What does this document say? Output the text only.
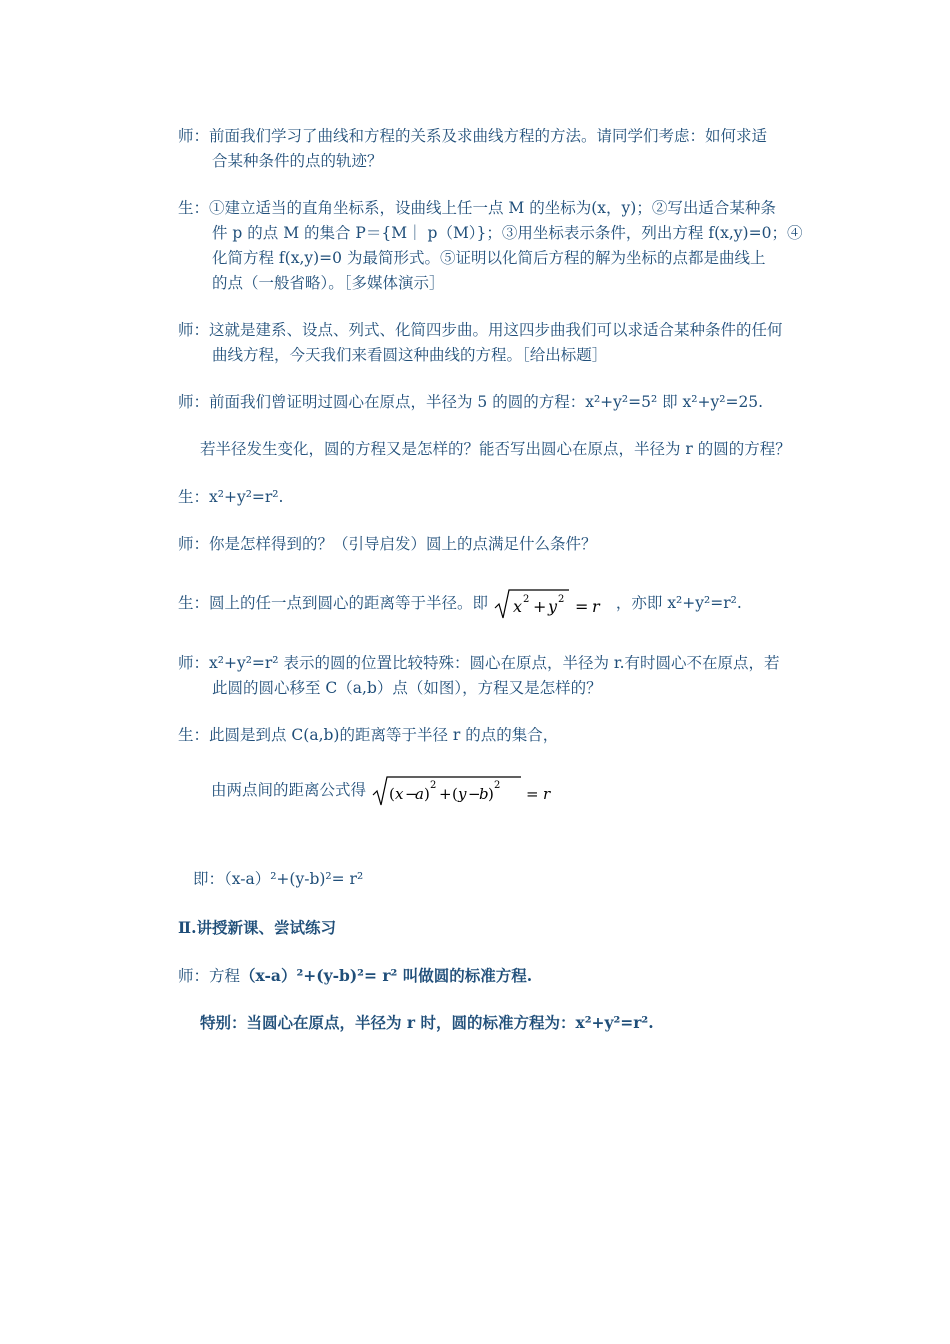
师：前面我们学习了曲线和方程的关系及求曲线方程的方法。请同学们考虑：如何求适
合某种条件的点的轨迹？
生：①建立适当的直角坐标系，设曲线上任一点 M 的坐标为(x，y)；②写出适合某种条
件 p 的点 M 的集合 P＝{M｜ p（M）}；③用坐标表示条件，列出方程 f(x,y)=0；④
化简方程 f(x,y)=0 为最简形式。⑤证明以化简后方程的解为坐标的点都是曲线上
的点（一般省略）。［多媒体演示］
师：这就是建系、设点、列式、化简四步曲。用这四步曲我们可以求适合某种条件的任何
曲线方程，今天我们来看圆这种曲线的方程。［给出标题］
师：前面我们曾证明过圆心在原点，半径为 5 的圆的方程：x²+y²=5² 即 x²+y²=25.
若半径发生变化，圆的方程又是怎样的？能否写出圆心在原点，半径为 r 的圆的方程？
生：x²+y²=r².
师：你是怎样得到的？（引导启发）圆上的点满足什么条件？
生：圆上的任一点到圆心的距离等于半径。即 x 2 + y 2 = r ，亦即 x²+y²=r².
师：x²+y²=r² 表示的圆的位置比较特殊：圆心在原点，半径为 r.有时圆心不在原点，若
此圆的圆心移至 C（a,b）点（如图），方程又是怎样的？
生：此圆是到点 C(a,b)的距离等于半径 r 的点的集合，
由两点间的距离公式得 ( x −
a ) 2 + ( y −
b ) 2 = r
即：（x-a）²+(y-b)²= r²
Ⅱ.讲授新课、尝试练习
师：方程（x-a）²+(y-b)²= r² 叫做圆的标准方程.
特别：当圆心在原点，半径为 r 时，圆的标准方程为：x²+y²=r².
